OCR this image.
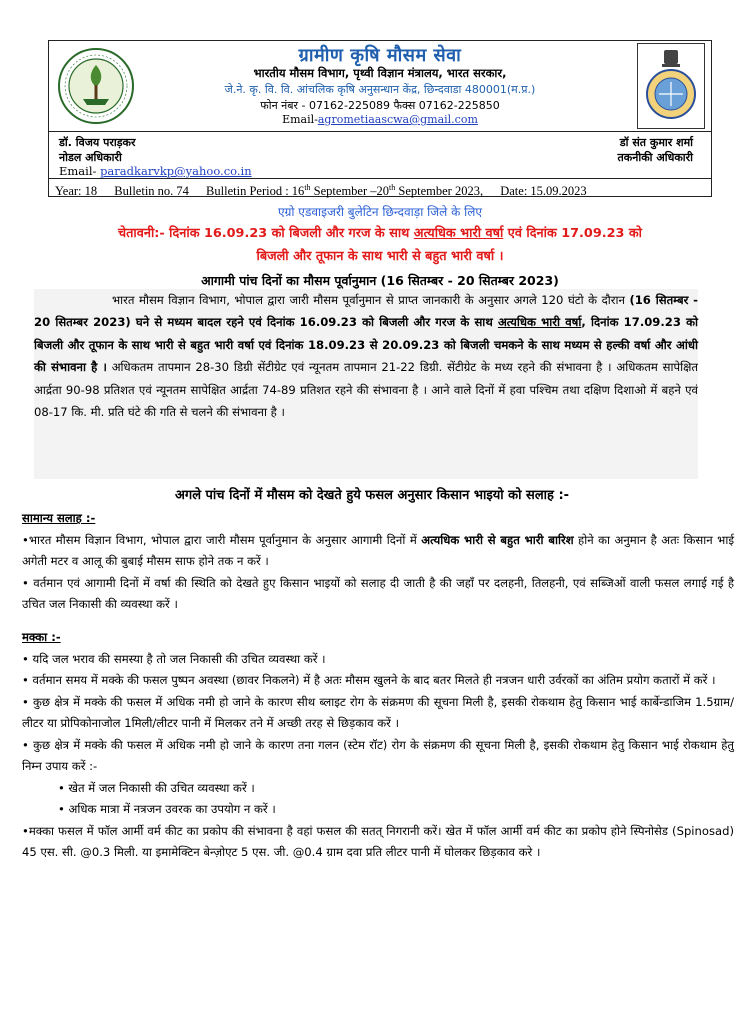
ग्रामीण कृषि मौसम सेवा
भारतीय मौसम विभाग, पृथ्वी विज्ञान मंत्रालय, भारत सरकार,
जे.ने. कृ. वि. वि. आंचलिक कृषि अनुसन्धान केंद्र, छिन्दवाडा 480001(म.प्र.)
फोन नंबर - 07162-225089 फैक्स 07162-225850
Email-agrometiaascwa@gmail.com
डॉ. विजय पराड़कर
नोडल अधिकारी
डॉ संत कुमार शर्मा
तकनीकी अधिकारी
Email- paradkarvkp@yahoo.co.in
Year: 18 Bulletin no. 74 Bulletin Period : 16th September –20th September 2023, Date: 15.09.2023
एग्रो एडवाइजरी बुलेटिन छिन्दवाड़ा जिले के लिए
चेतावनी:- दिनांक 16.09.23 को बिजली और गरज के साथ अत्यधिक भारी वर्षा एवं दिनांक 17.09.23 को
बिजली और तूफान के साथ भारी से बहुत भारी वर्षा ।
आगामी पांच दिनों का मौसम पूर्वानुमान (16 सितम्बर - 20 सितम्बर 2023)
भारत मौसम विज्ञान विभाग, भोपाल द्वारा जारी मौसम पूर्वानुमान से प्राप्त जानकारी के अनुसार अगले 120 घंटो के दौरान (16 सितम्बर - 20 सितम्बर 2023) घने से मध्यम बादल रहने एवं दिनांक 16.09.23 को बिजली और गरज के साथ अत्यधिक भारी वर्षा, दिनांक 17.09.23 को बिजली और तूफान के साथ भारी से बहुत भारी वर्षा एवं दिनांक 18.09.23 से 20.09.23 को बिजली चमकने के साथ मध्यम से हल्की वर्षा और आंधी की संभावना है । अधिकतम तापमान 28-30 डिग्री सेंटीग्रेट एवं न्यूनतम तापमान 21-22 डिग्री. सेंटीग्रेट के मध्य रहने की संभावना है । अधिकतम सापेक्षित आर्द्रता 90-98 प्रतिशत एवं न्यूनतम सापेक्षित आर्द्रता 74-89 प्रतिशत रहने की संभावना है । आने वाले दिनों में हवा पश्चिम तथा दक्षिण दिशाओ में बहने एवं 08-17 कि. मी. प्रति घंटे की गति से चलने की संभावना है ।
अगले पांच दिनों में मौसम को देखते हुये फसल अनुसार किसान भाइयो को सलाह :-
सामान्य सलाह :-
•भारत मौसम विज्ञान विभाग, भोपाल द्वारा जारी मौसम पूर्वानुमान के अनुसार आगामी दिनों में अत्यधिक भारी से बहुत भारी बारिश होने का अनुमान है अतः किसान भाई अगेती मटर व आलू की बुबाई मौसम साफ होने तक न करें ।
• वर्तमान एवं आगामी दिनों में वर्षा की स्थिति को देखते हुए किसान भाइयों को सलाह दी जाती है की जहाँ पर दलहनी, तिलहनी, एवं सब्जिओं वाली फसल लगाई गई है उचित जल निकासी की व्यवस्था करें ।
मक्का :-
• यदि जल भराव की समस्या है तो जल निकासी की उचित व्यवस्था करें ।
• वर्तमान समय में मक्के की फसल पुष्पन अवस्था (छावर निकलने) में है अतः मौसम खुलने के बाद बतर मिलते ही नत्रजन धारी उर्वरकों का अंतिम प्रयोग कतारों में करें ।
• कुछ क्षेत्र में मक्के की फसल में अधिक नमी हो जाने के कारण सीथ ब्लाइट रोग के संक्रमण की सूचना मिली है, इसकी रोकथाम हेतु किसान भाई कार्बेन्डाजिम 1.5ग्राम/लीटर या प्रोपिकोनाजोल 1मिली/लीटर पानी में मिलकर तने में अच्छी तरह से छिड़काव करें ।
• कुछ क्षेत्र में मक्के की फसल में अधिक नमी हो जाने के कारण तना गलन (स्टेम रॉट) रोग के संक्रमण की सूचना मिली है, इसकी रोकथाम हेतु किसान भाई रोकथाम हेतु निम्न उपाय करें :-
• खेत में जल निकासी की उचित व्यवस्था करें ।
• अधिक मात्रा में नत्रजन उवरक का उपयोग न करें ।
•मक्का फसल में फॉल आर्मी वर्म कीट का प्रकोप की संभावना है वहां फसल की सतत् निगरानी करें। खेत में फॉल आर्मी वर्म कीट का प्रकोप होने स्पिनोसेड (Spinosad) 45 एस. सी. @0.3 मिली. या इमामेक्टिन बेन्ज़ोएट 5 एस. जी. @0.4 ग्राम दवा प्रति लीटर पानी में घोलकर छिड़काव करे ।
